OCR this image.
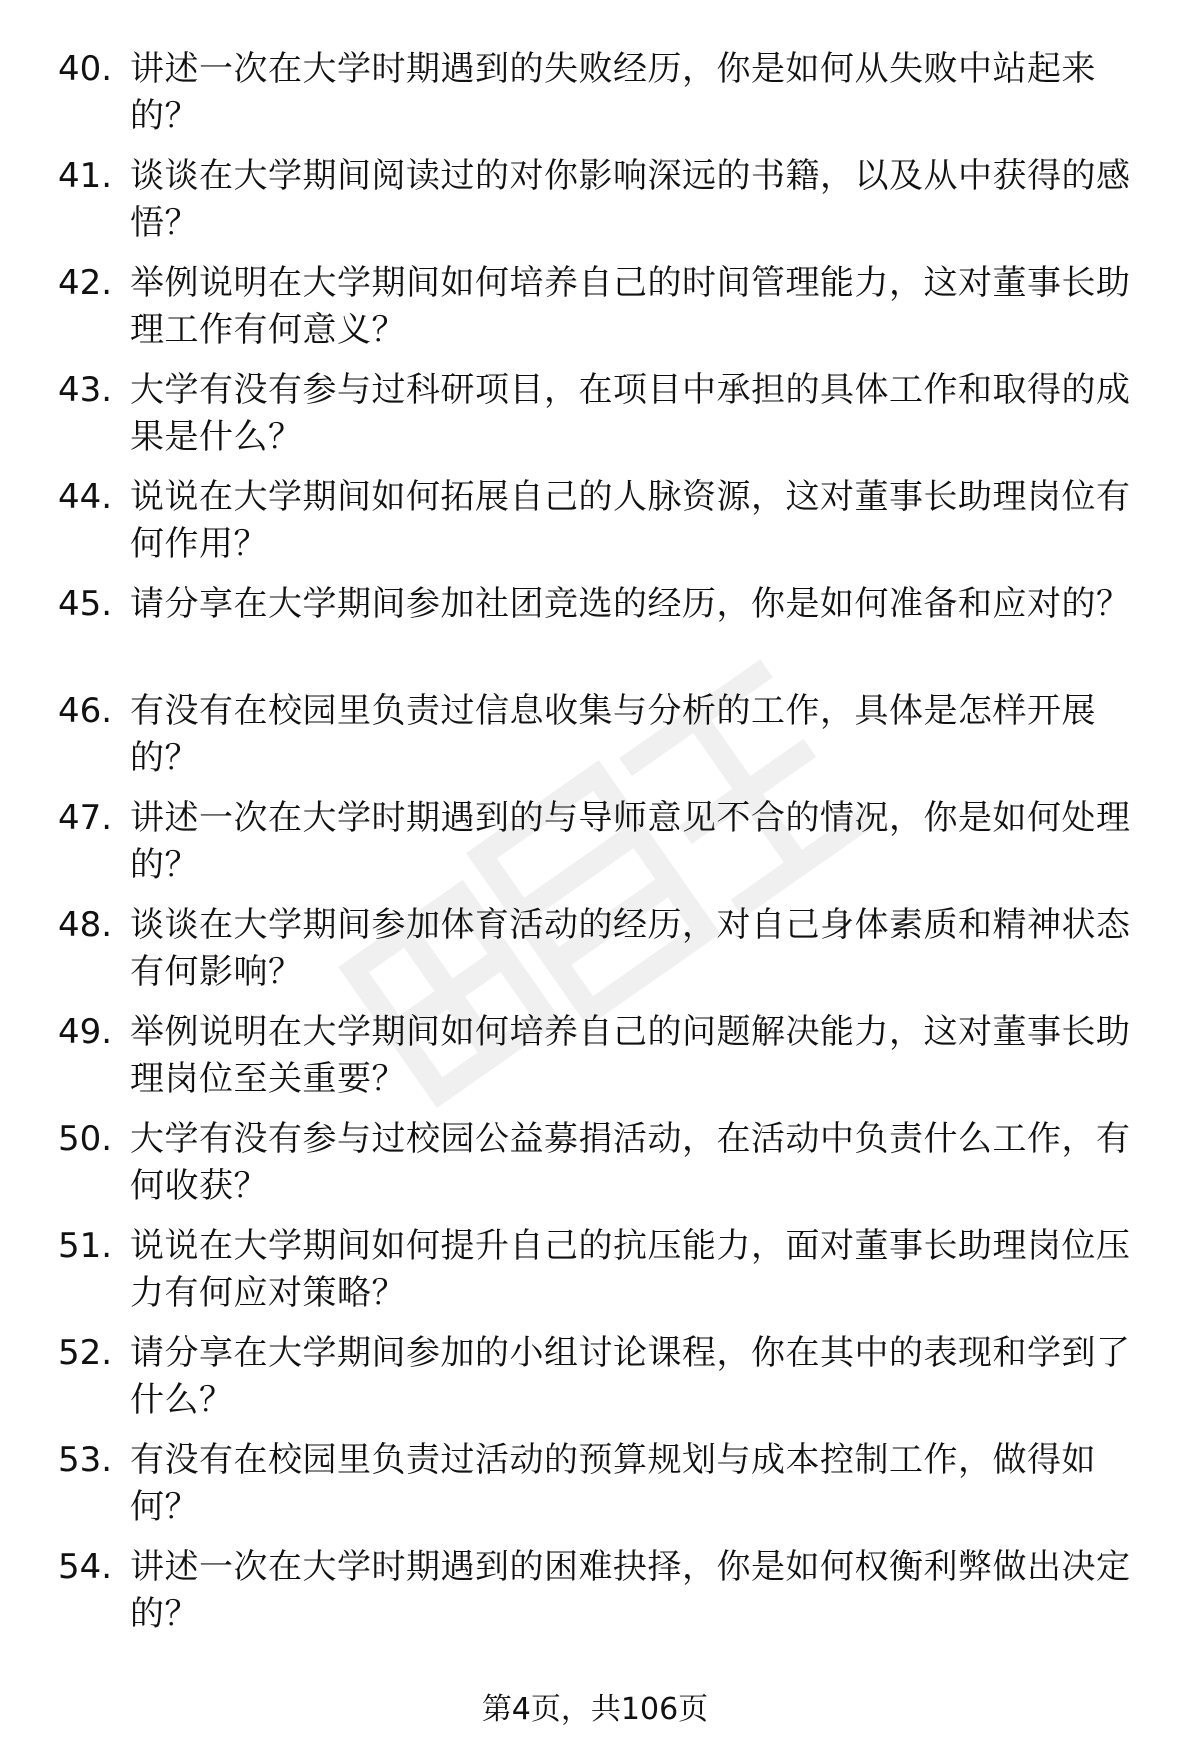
40. 讲述一次在大学时期遇到的失败经历，你是如何从失败中站起来的？
41. 谈谈在大学期间阅读过的对你影响深远的书籍，以及从中获得的感悟？
42. 举例说明在大学期间如何培养自己的时间管理能力，这对董事长助理工作有何意义？
43. 大学有没有参与过科研项目，在项目中承担的具体工作和取得的成果是什么？
44. 说说在大学期间如何拓展自己的人脉资源，这对董事长助理岗位有何作用？
45. 请分享在大学期间参加社团竞选的经历，你是如何准备和应对的？
46. 有没有在校园里负责过信息收集与分析的工作，具体是怎样开展的？
47. 讲述一次在大学时期遇到的与导师意见不合的情况，你是如何处理的？
48. 谈谈在大学期间参加体育活动的经历，对自己身体素质和精神状态有何影响？
49. 举例说明在大学期间如何培养自己的问题解决能力，这对董事长助理岗位至关重要？
50. 大学有没有参与过校园公益募捐活动，在活动中负责什么工作，有何收获？
51. 说说在大学期间如何提升自己的抗压能力，面对董事长助理岗位压力有何应对策略？
52. 请分享在大学期间参加的小组讨论课程，你在其中的表现和学到了什么？
53. 有没有在校园里负责过活动的预算规划与成本控制工作，做得如何？
54. 讲述一次在大学时期遇到的困难抉择，你是如何权衡利弊做出决定的？
第4页，共106页
